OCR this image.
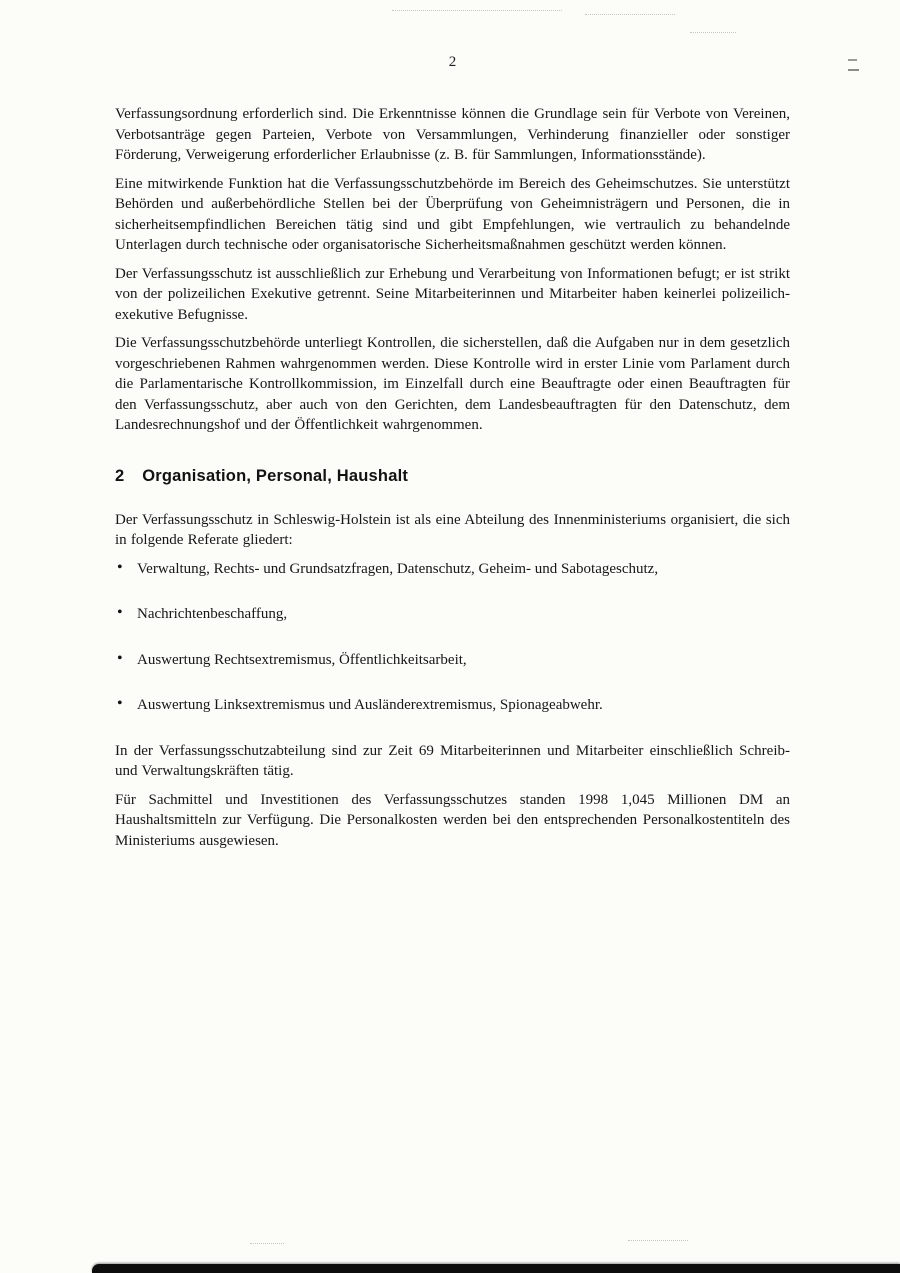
2

Verfassungsordnung erforderlich sind. Die Erkenntnisse können die Grundlage sein für Verbote von Vereinen, Verbotsanträge gegen Parteien, Verbote von Versammlungen, Verhinderung finanzieller oder sonstiger Förderung, Verweigerung erforderlicher Erlaubnisse (z. B. für Sammlungen, Informationsstände).

Eine mitwirkende Funktion hat die Verfassungsschutzbehörde im Bereich des Geheimschutzes. Sie unterstützt Behörden und außerbehördliche Stellen bei der Überprüfung von Geheimnisträgern und Personen, die in sicherheitsempfindlichen Bereichen tätig sind und gibt Empfehlungen, wie vertraulich zu behandelnde Unterlagen durch technische oder organisatorische Sicherheitsmaßnahmen geschützt werden können.

Der Verfassungsschutz ist ausschließlich zur Erhebung und Verarbeitung von Informationen befugt; er ist strikt von der polizeilichen Exekutive getrennt. Seine Mitarbeiterinnen und Mitarbeiter haben keinerlei polizeilich-exekutive Befugnisse.

Die Verfassungsschutzbehörde unterliegt Kontrollen, die sicherstellen, daß die Aufgaben nur in dem gesetzlich vorgeschriebenen Rahmen wahrgenommen werden. Diese Kontrolle wird in erster Linie vom Parlament durch die Parlamentarische Kontrollkommission, im Einzelfall durch eine Beauftragte oder einen Beauftragten für den Verfassungsschutz, aber auch von den Gerichten, dem Landesbeauftragten für den Datenschutz, dem Landesrechnungshof und der Öffentlichkeit wahrgenommen.

2 Organisation, Personal, Haushalt

Der Verfassungsschutz in Schleswig-Holstein ist als eine Abteilung des Innenministeriums organisiert, die sich in folgende Referate gliedert:

• Verwaltung, Rechts- und Grundsatzfragen, Datenschutz, Geheim- und Sabotageschutz,
• Nachrichtenbeschaffung,
• Auswertung Rechtsextremismus, Öffentlichkeitsarbeit,
• Auswertung Linksextremismus und Ausländerextremismus, Spionageabwehr.

In der Verfassungsschutzabteilung sind zur Zeit 69 Mitarbeiterinnen und Mitarbeiter einschließlich Schreib- und Verwaltungskräften tätig.

Für Sachmittel und Investitionen des Verfassungsschutzes standen 1998 1,045 Millionen DM an Haushaltsmitteln zur Verfügung. Die Personalkosten werden bei den entsprechenden Personalkostentiteln des Ministeriums ausgewiesen.
